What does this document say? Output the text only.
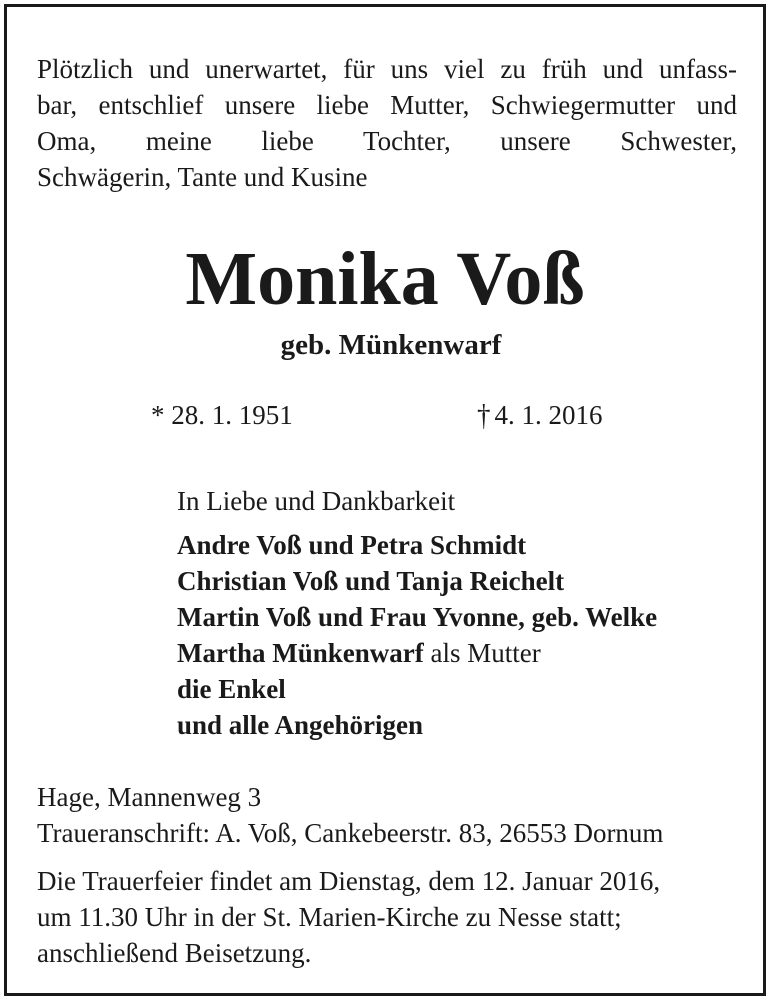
Plötzlich und unerwartet, für uns viel zu früh und unfass-
bar, entschlief unsere liebe Mutter, Schwiegermutter und
Oma, meine liebe Tochter, unsere Schwester,
Schwägerin, Tante und Kusine

Monika Voß
geb. Münkenwarf
* 28. 1. 1951	† 4. 1. 2016
In Liebe und Dankbarkeit
Andre Voß und Petra Schmidt
Christian Voß und Tanja Reichelt
Martin Voß und Frau Yvonne, geb. Welke
Martha Münkenwarf als Mutter
die Enkel
und alle Angehörigen
Hage, Mannenweg 3
Traueranschrift: A. Voß, Cankebeerstr. 83, 26553 Dornum
Die Trauerfeier findet am Dienstag, dem 12. Januar 2016,
um 11.30 Uhr in der St. Marien-Kirche zu Nesse statt;
anschließend Beisetzung.
